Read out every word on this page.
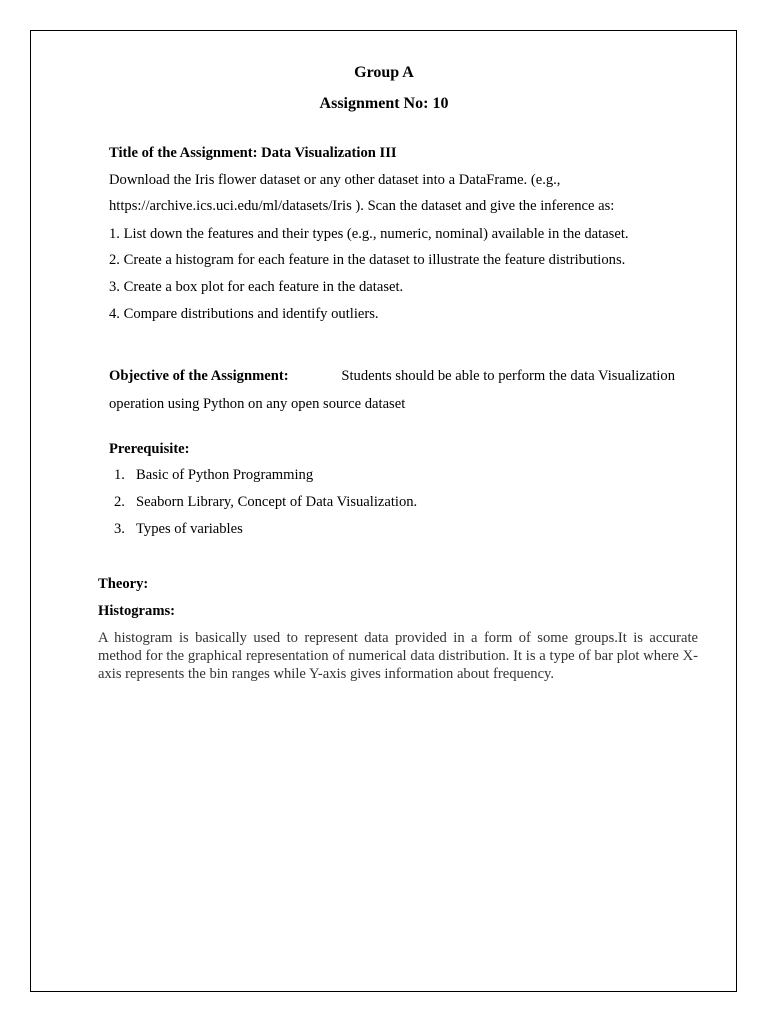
Group A
Assignment No: 10
Title of the Assignment: Data Visualization III
Download the Iris flower dataset or any other dataset into a DataFrame. (e.g.,
https://archive.ics.uci.edu/ml/datasets/Iris ). Scan the dataset and give the inference as:
1. List down the features and their types (e.g., numeric, nominal) available in the dataset.
2. Create a histogram for each feature in the dataset to illustrate the feature distributions.
3. Create a box plot for each feature in the dataset.
4. Compare distributions and identify outliers.
Objective of the Assignment:	Students should be able to perform the data Visualization
operation using Python on any open source dataset
Prerequisite:
1. Basic of Python Programming
2. Seaborn Library, Concept of Data Visualization.
3. Types of variables
Theory:
Histograms:
A histogram is basically used to represent data provided in a form of some groups.It is accurate method for the graphical representation of numerical data distribution. It is a type of bar plot where X-axis represents the bin ranges while Y-axis gives information about frequency.
